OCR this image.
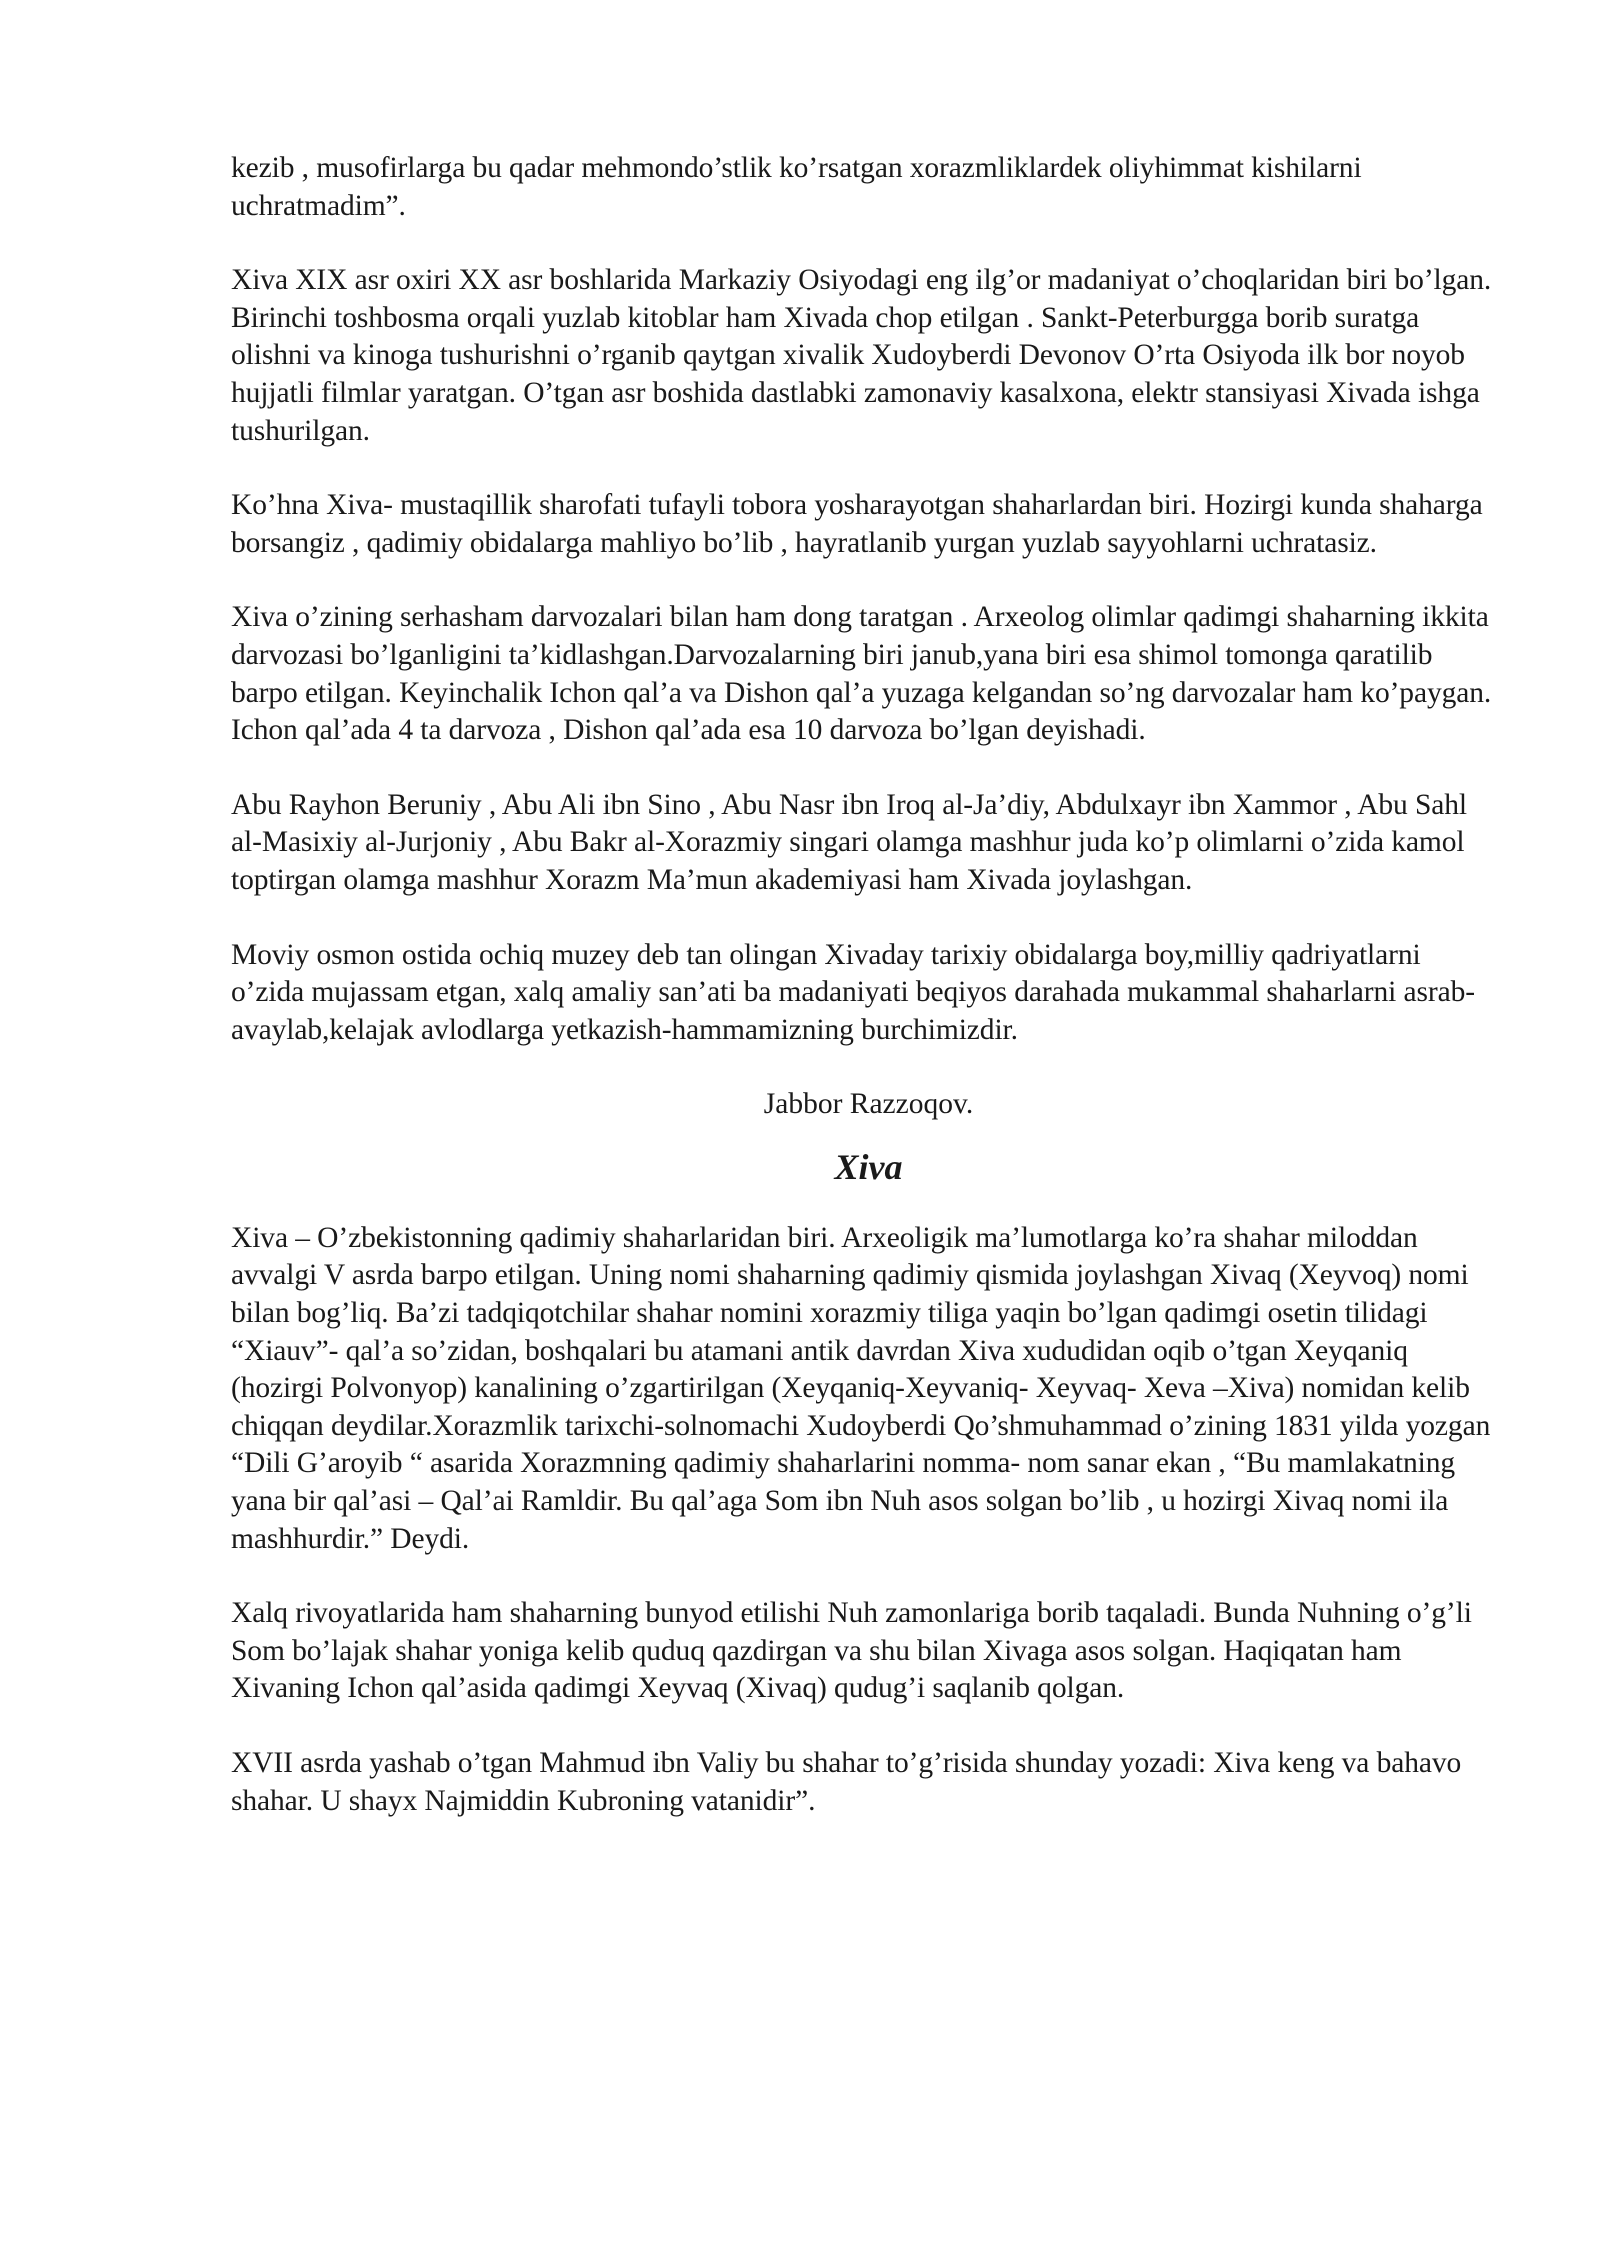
kezib , musofirlarga bu qadar mehmondo’stlik ko’rsatgan xorazmliklardek oliyhimmat kishilarni uchratmadim”.

Xiva XIX asr oxiri XX asr boshlarida Markaziy Osiyodagi eng ilg’or madaniyat o’choqlaridan biri bo’lgan. Birinchi toshbosma orqali yuzlab kitoblar ham Xivada chop etilgan . Sankt-Peterburgga borib suratga olishni va kinoga tushurishni o’rganib qaytgan xivalik Xudoyberdi Devonov O’rta Osiyoda ilk bor noyob hujjatli filmlar yaratgan. O’tgan asr boshida dastlabki zamonaviy kasalxona, elektr stansiyasi Xivada ishga tushurilgan.

Ko’hna Xiva- mustaqillik sharofati tufayli tobora yosharayotgan shaharlardan biri. Hozirgi kunda shaharga borsangiz , qadimiy obidalarga mahliyo bo’lib , hayratlanib yurgan yuzlab sayyohlarni uchratasiz.

Xiva o’zining serhasham darvozalari bilan ham dong taratgan . Arxeolog olimlar qadimgi shaharning ikkita darvozasi bo’lganligini ta’kidlashgan.Darvozalarning biri janub,yana biri esa shimol tomonga qaratilib barpo etilgan. Keyinchalik Ichon qal’a va Dishon qal’a yuzaga kelgandan so’ng darvozalar ham ko’paygan. Ichon qal’ada 4 ta darvoza , Dishon qal’ada esa 10 darvoza bo’lgan deyishadi.

Abu Rayhon Beruniy , Abu Ali ibn Sino , Abu Nasr ibn Iroq al-Ja’diy, Abdulxayr ibn Xammor , Abu Sahl al-Masixiy al-Jurjoniy , Abu Bakr al-Xorazmiy singari olamga mashhur juda ko’p olimlarni o’zida kamol toptirgan olamga mashhur Xorazm Ma’mun akademiyasi ham Xivada joylashgan.

Moviy osmon ostida ochiq muzey deb tan olingan Xivaday tarixiy obidalarga boy,milliy qadriyatlarni o’zida mujassam etgan, xalq amaliy san’ati ba madaniyati beqiyos darahada mukammal shaharlarni asrab-avaylab,kelajak avlodlarga yetkazish-hammamizning burchimizdir.

Jabbor Razzoqov.

Xiva

Xiva – O’zbekistonning qadimiy shaharlaridan biri. Arxeoligik ma’lumotlarga ko’ra shahar miloddan avvalgi V asrda barpo etilgan. Uning nomi shaharning qadimiy qismida joylashgan Xivaq (Xeyvoq) nomi bilan bog’liq. Ba’zi tadqiqotchilar shahar nomini xorazmiy tiliga yaqin bo’lgan qadimgi osetin tilidagi “Xiauv”- qal’a so’zidan, boshqalari bu atamani antik davrdan Xiva xududidan oqib o’tgan Xeyqaniq (hozirgi Polvonyop) kanalining o’zgartirilgan (Xeyqaniq-Xeyvaniq- Xeyvaq- Xeva –Xiva) nomidan kelib chiqqan deydilar.Xorazmlik tarixchi-solnomachi Xudoyberdi Qo’shmuhammad o’zining 1831 yilda yozgan “Dili G’aroyib “ asarida Xorazmning qadimiy shaharlarini nomma- nom sanar ekan , “Bu mamlakatning yana bir qal’asi – Qal’ai Ramldir. Bu qal’aga Som ibn Nuh asos solgan bo’lib , u hozirgi Xivaq nomi ila mashhurdir.” Deydi.

Xalq rivoyatlarida ham shaharning bunyod etilishi Nuh zamonlariga borib taqaladi. Bunda Nuhning o’g’li Som bo’lajak shahar yoniga kelib quduq qazdirgan va shu bilan Xivaga asos solgan. Haqiqatan ham Xivaning Ichon qal’asida qadimgi Xeyvaq (Xivaq) qudug’i saqlanib qolgan.

XVII asrda yashab o’tgan Mahmud ibn Valiy bu shahar to’g’risida shunday yozadi: Xiva keng va bahavo shahar. U shayx Najmiddin Kubroning vatanidir”.
